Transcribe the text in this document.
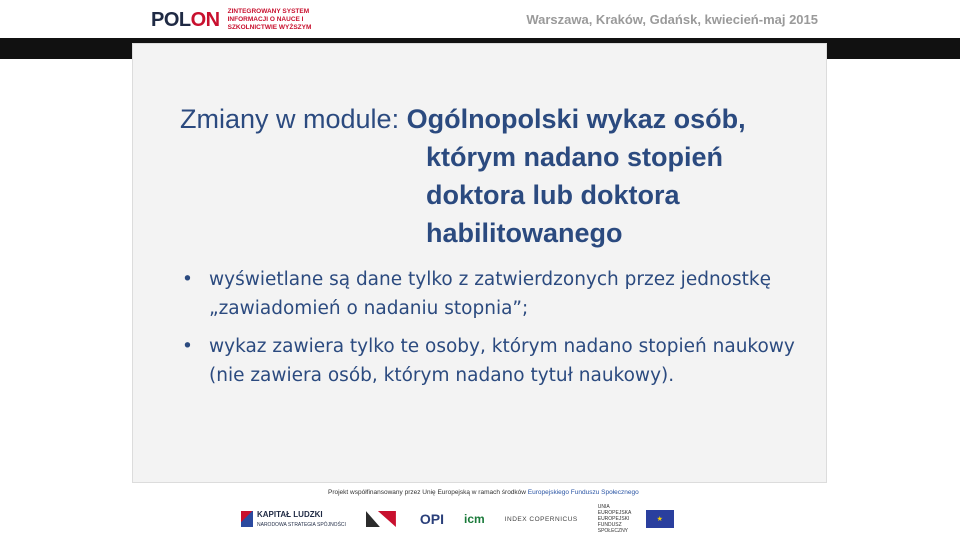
POLON ZINTEGROWANY SYSTEM INFORMACJI O NAUCE I SZKOLNICTWIE WYŻSZYM
Warszawa, Kraków, Gdańsk, kwiecień-maj 2015
Zmiany w module: Ogólnopolski wykaz osób,
którym nadano stopień
doktora lub doktora
habilitowanego
• wyświetlane są dane tylko z zatwierdzonych przez jednostkę „zawiadomień o nadaniu stopnia”;
• wykaz zawiera tylko te osoby, którym nadano stopień naukowy (nie zawiera osób, którym nadano tytuł naukowy).
Projekt współfinansowany przez Unię Europejską w ramach środków Europejskiego Funduszu Społecznego
KAPITAŁ LUDZKI
NARODOWA STRATEGIA SPÓJNOŚCI	OPI icm	INDEX COPERNICUS
UNIA EUROPEJSKA EUROPEJSKI FUNDUSZ SPOŁECZNY
★
